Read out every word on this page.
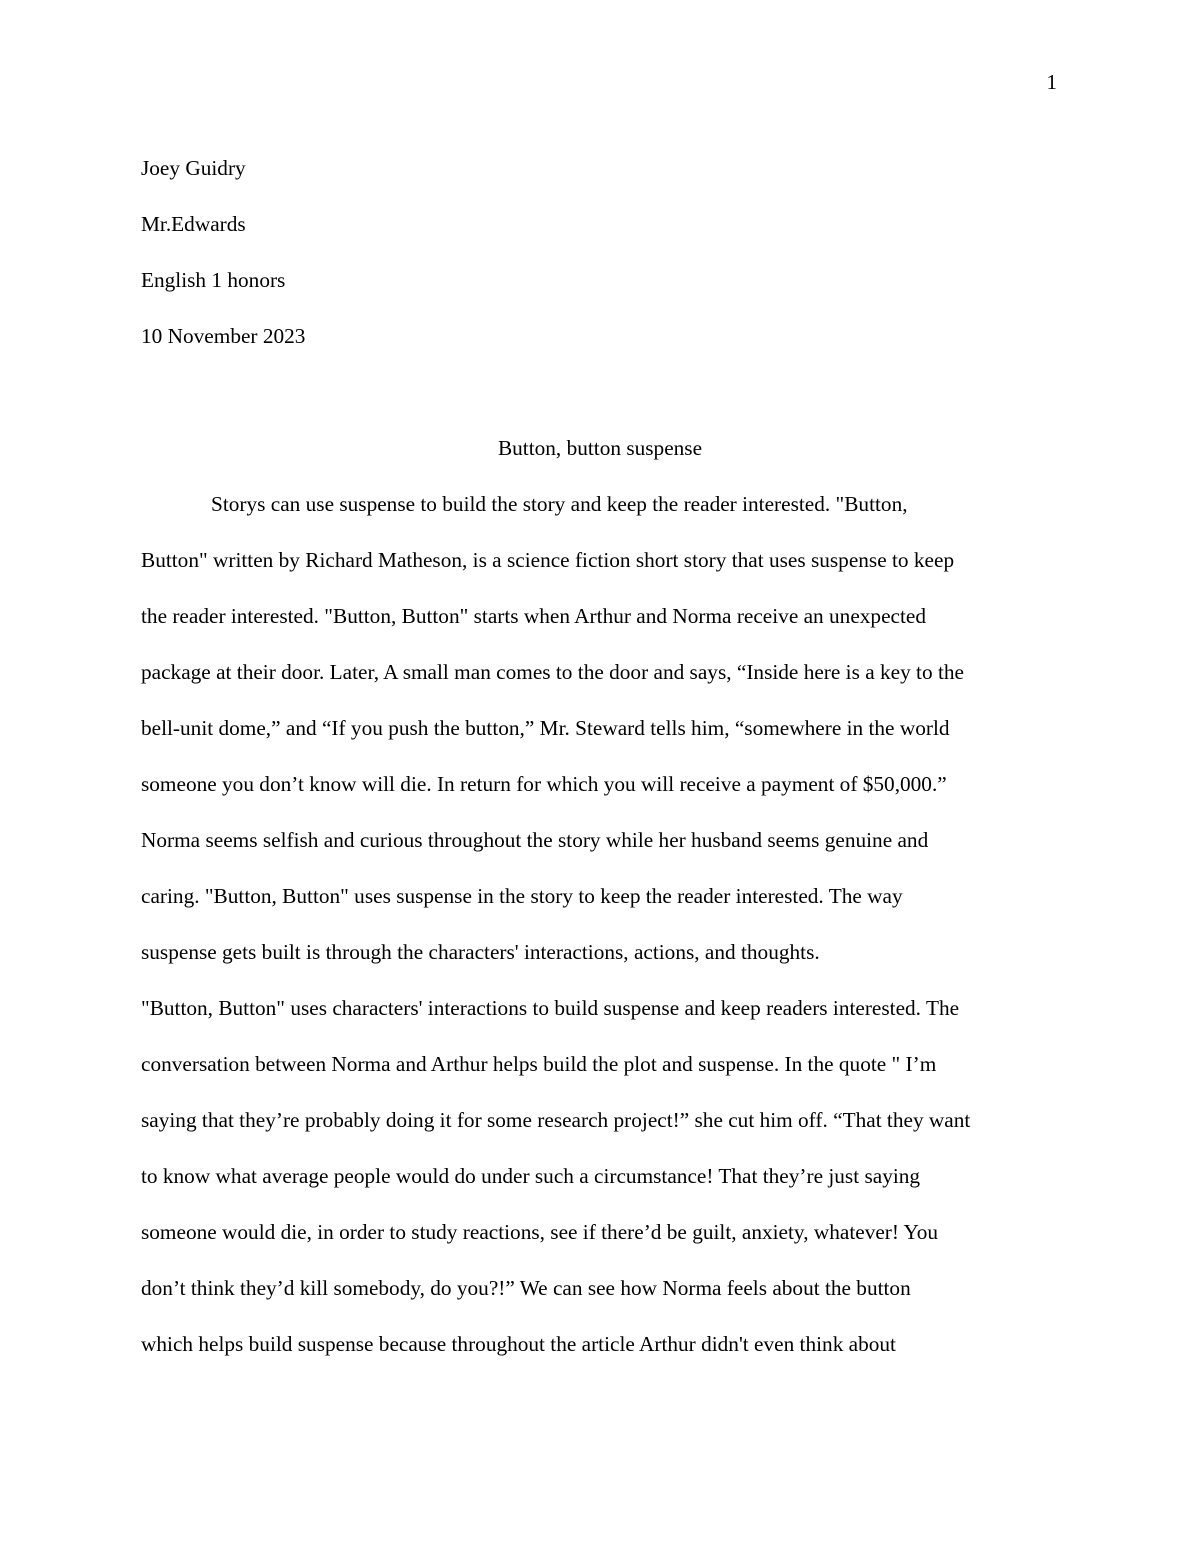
1
Joey Guidry
Mr.Edwards
English 1 honors
10 November 2023
Button, button suspense
Storys can use suspense to build the story and keep the reader interested. "Button,
Button" written by Richard Matheson, is a science fiction short story that uses suspense to keep
the reader interested. "Button, Button" starts when Arthur and Norma receive an unexpected
package at their door. Later, A small man comes to the door and says, “Inside here is a key to the
bell-unit dome,” and “If you push the button,” Mr. Steward tells him, “somewhere in the world
someone you don’t know will die. In return for which you will receive a payment of $50,000.”
Norma seems selfish and curious throughout the story while her husband seems genuine and
caring. "Button, Button" uses suspense in the story to keep the reader interested. The way
suspense gets built is through the characters' interactions, actions, and thoughts.
"Button, Button" uses characters' interactions to build suspense and keep readers interested. The
conversation between Norma and Arthur helps build the plot and suspense. In the quote " I’m
saying that they’re probably doing it for some research project!” she cut him off. “That they want
to know what average people would do under such a circumstance! That they’re just saying
someone would die, in order to study reactions, see if there’d be guilt, anxiety, whatever! You
don’t think they’d kill somebody, do you?!” We can see how Norma feels about the button
which helps build suspense because throughout the article Arthur didn't even think about
